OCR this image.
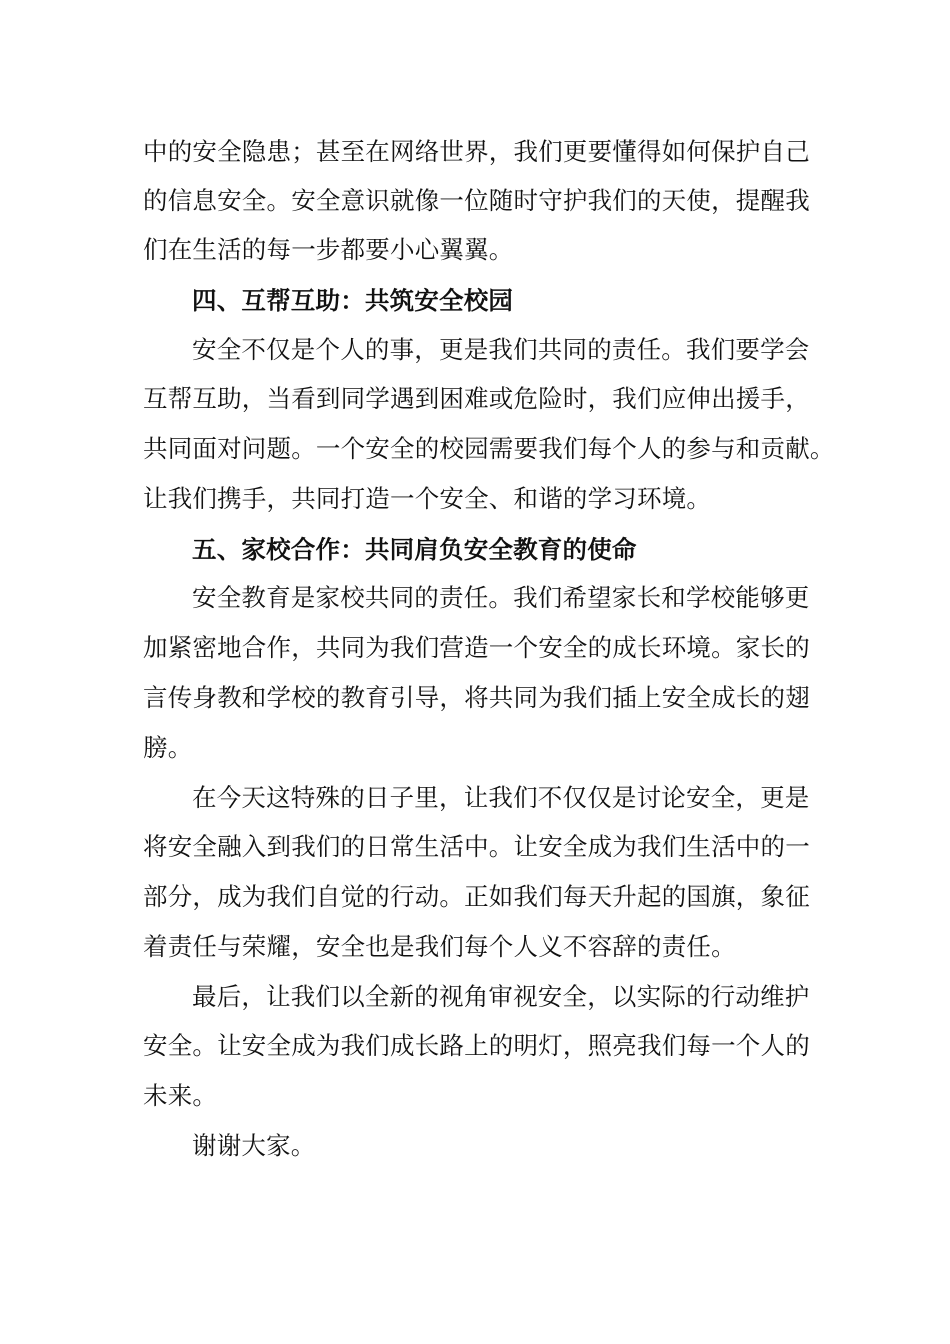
中的安全隐患；甚至在网络世界，我们更要懂得如何保护自己
的信息安全。安全意识就像一位随时守护我们的天使，提醒我
们在生活的每一步都要小心翼翼。
四、互帮互助：共筑安全校园
安全不仅是个人的事，更是我们共同的责任。我们要学会
互帮互助，当看到同学遇到困难或危险时，我们应伸出援手，
共同面对问题。一个安全的校园需要我们每个人的参与和贡献。
让我们携手，共同打造一个安全、和谐的学习环境。
五、家校合作：共同肩负安全教育的使命
安全教育是家校共同的责任。我们希望家长和学校能够更
加紧密地合作，共同为我们营造一个安全的成长环境。家长的
言传身教和学校的教育引导，将共同为我们插上安全成长的翅
膀。
在今天这特殊的日子里，让我们不仅仅是讨论安全，更是
将安全融入到我们的日常生活中。让安全成为我们生活中的一
部分，成为我们自觉的行动。正如我们每天升起的国旗，象征
着责任与荣耀，安全也是我们每个人义不容辞的责任。
最后，让我们以全新的视角审视安全，以实际的行动维护
安全。让安全成为我们成长路上的明灯，照亮我们每一个人的
未来。
谢谢大家。
